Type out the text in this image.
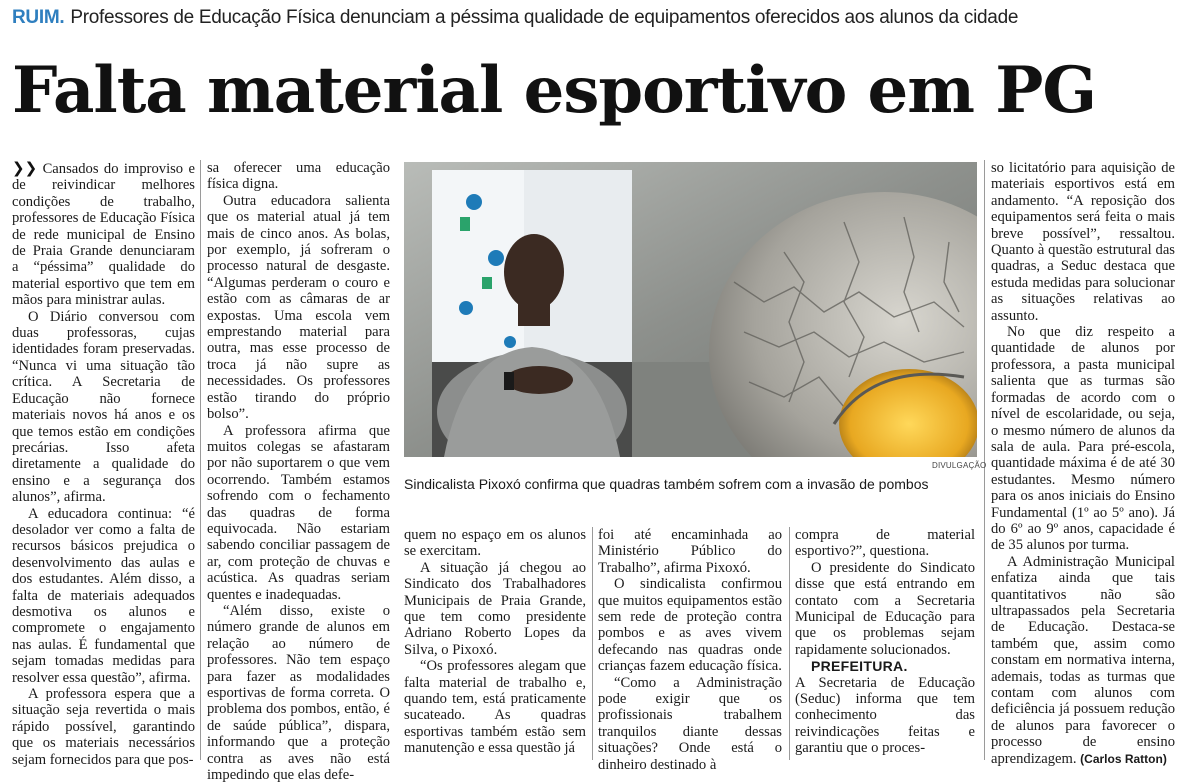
RUIM. Professores de Educação Física denunciam a péssima qualidade de equipamentos oferecidos aos alunos da cidade
Falta material esportivo em PG

❯❯ Cansados do improviso e de reivindicar melhores condições de trabalho, professores de Educação Física de rede municipal de Ensino de Praia Grande denunciaram a “péssima” qualidade do material esportivo que tem em mãos para ministrar aulas.

O Diário conversou com duas professoras, cujas identidades foram preservadas. “Nunca vi uma situação tão crítica. A Secretaria de Educação não fornece materiais novos há anos e os que temos estão em condições precárias. Isso afeta diretamente a qualidade do ensino e a segurança dos alunos”, afirma.

A educadora continua: “é desolador ver como a falta de recursos básicos prejudica o desenvolvimento das aulas e dos estudantes. Além disso, a falta de materiais adequados desmotiva os alunos e compromete o engajamento nas aulas. É fundamental que sejam tomadas medidas para resolver essa questão”, afirma.

A professora espera que a situação seja revertida o mais rápido possível, garantindo que os materiais necessários sejam fornecidos para que pos-

sa oferecer uma educação física digna.

Outra educadora salienta que os material atual já tem mais de cinco anos. As bolas, por exemplo, já sofreram o processo natural de desgaste. “Algumas perderam o couro e estão com as câmaras de ar expostas. Uma escola vem emprestando material para outra, mas esse processo de troca já não supre as necessidades. Os professores estão tirando do próprio bolso”.

A professora afirma que muitos colegas se afastaram por não suportarem o que vem ocorrendo. Também estamos sofrendo com o fechamento das quadras de forma equivocada. Não estariam sabendo conciliar passagem de ar, com proteção de chuvas e acústica. As quadras seriam quentes e inadequadas.

“Além disso, existe o número grande de alunos em relação ao número de professores. Não tem espaço para fazer as modalidades esportivas de forma correta. O problema dos pombos, então, é de saúde pública”, dispara, informando que a proteção contra as aves não está impedindo que elas defe-

DIVULGAÇÃO
Sindicalista Pixoxó confirma que quadras também sofrem com a invasão de pombos

quem no espaço em os alunos se exercitam.

A situação já chegou ao Sindicato dos Trabalhadores Municipais de Praia Grande, que tem como presidente Adriano Roberto Lopes da Silva, o Pixoxó.

“Os professores alegam que falta material de trabalho e, quando tem, está praticamente sucateado. As quadras esportivas também estão sem manutenção e essa questão já

foi até encaminhada ao Ministério Público do Trabalho”, afirma Pixoxó.

O sindicalista confirmou que muitos equipamentos estão sem rede de proteção contra pombos e as aves vivem defecando nas quadras onde crianças fazem educação física.

“Como a Administração pode exigir que os profissionais trabalhem tranquilos diante dessas situações? Onde está o dinheiro destinado à

compra de material esportivo?”, questiona.

O presidente do Sindicato disse que está entrando em contato com a Secretaria Municipal de Educação para que os problemas sejam rapidamente solucionados.

PREFEITURA.

A Secretaria de Educação (Seduc) informa que tem conhecimento das reivindicações feitas e garantiu que o proces-

so licitatório para aquisição de materiais esportivos está em andamento. “A reposição dos equipamentos será feita o mais breve possível”, ressaltou. Quanto à questão estrutural das quadras, a Seduc destaca que estuda medidas para solucionar as situações relativas ao assunto.

No que diz respeito a quantidade de alunos por professora, a pasta municipal salienta que as turmas são formadas de acordo com o nível de escolaridade, ou seja, o mesmo número de alunos da sala de aula. Para pré-escola, quantidade máxima é de até 30 estudantes. Mesmo número para os anos iniciais do Ensino Fundamental (1º ao 5º ano). Já do 6º ao 9º anos, capacidade é de 35 alunos por turma.

A Administração Municipal enfatiza ainda que tais quantitativos não são ultrapassados pela Secretaria de Educação. Destaca-se também que, assim como constam em normativa interna, ademais, todas as turmas que contam com alunos com deficiência já possuem redução de alunos para favorecer o processo de ensino aprendizagem. (Carlos Ratton)
